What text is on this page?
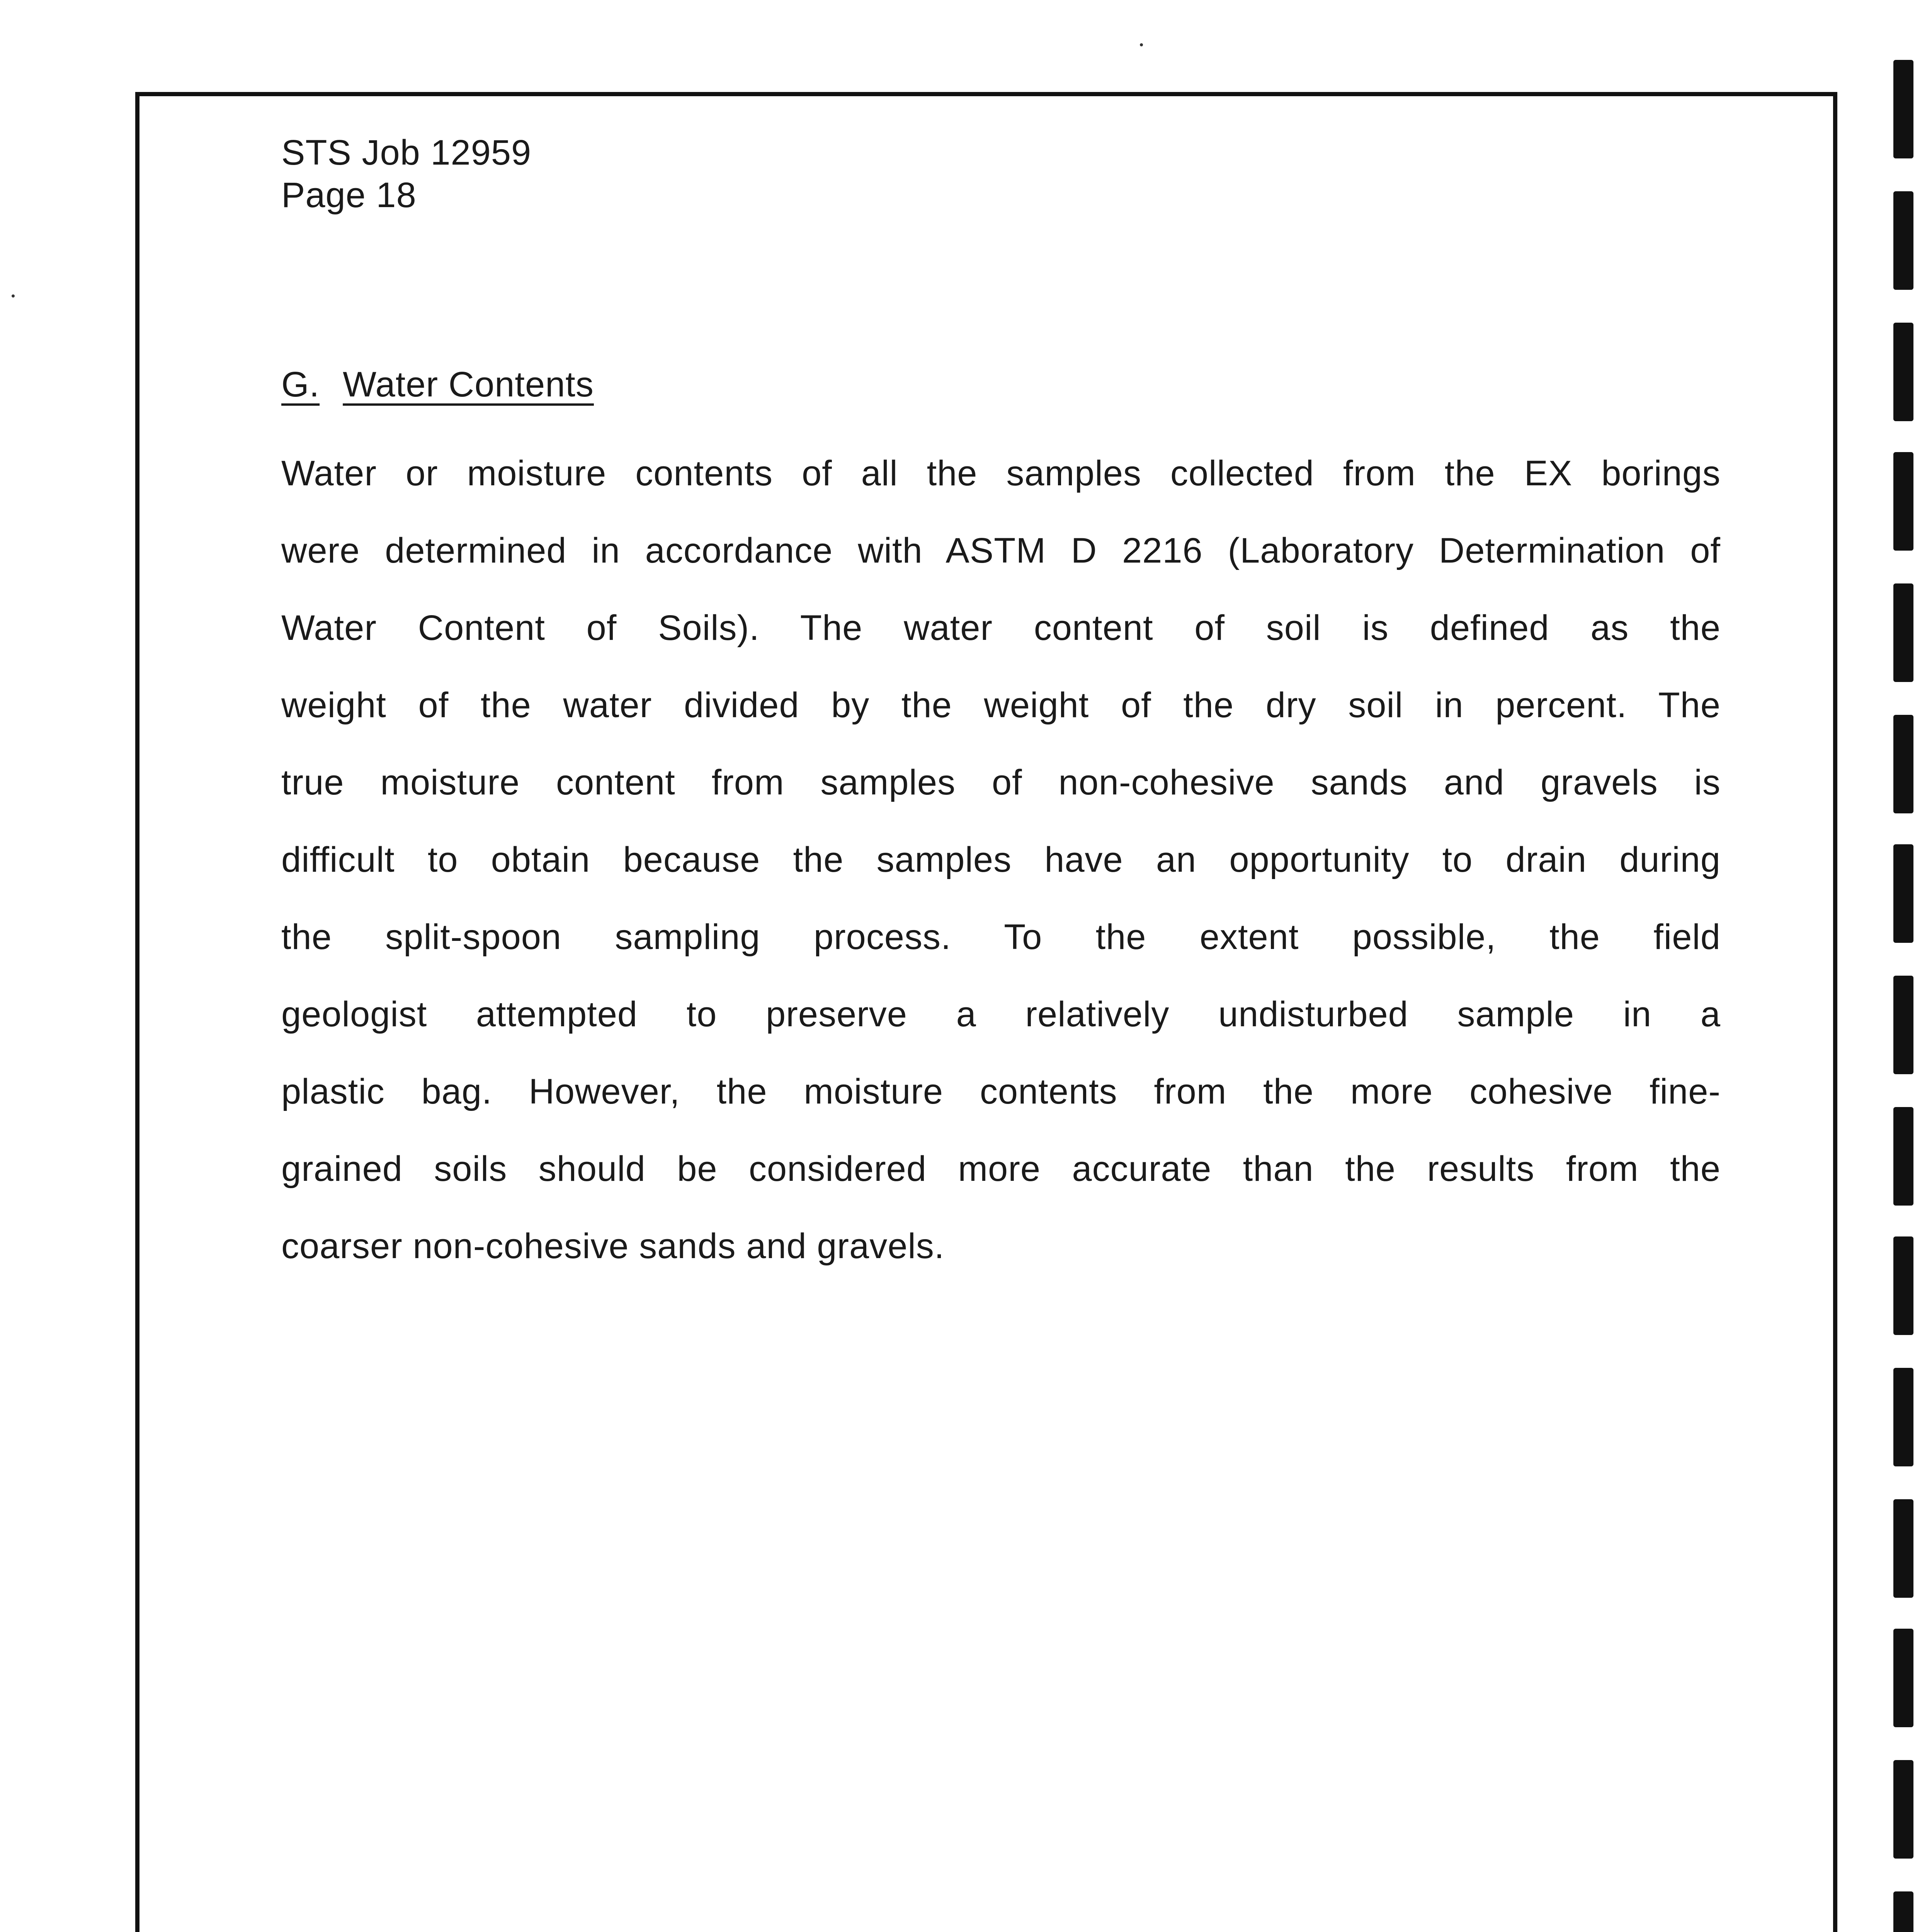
STS Job 12959
Page 18
G. Water Contents
Water or moisture contents of all the samples collected from the EX borings
were determined in accordance with ASTM D 2216 (Laboratory Determination of
Water Content of Soils). The water content of soil is defined as the
weight of the water divided by the weight of the dry soil in percent. The
true moisture content from samples of non-cohesive sands and gravels is
difficult to obtain because the samples have an opportunity to drain during
the split-spoon sampling process. To the extent possible, the field
geologist attempted to preserve a relatively undisturbed sample in a
plastic bag. However, the moisture contents from the more cohesive fine-
grained soils should be considered more accurate than the results from the
coarser non-cohesive sands and gravels.
